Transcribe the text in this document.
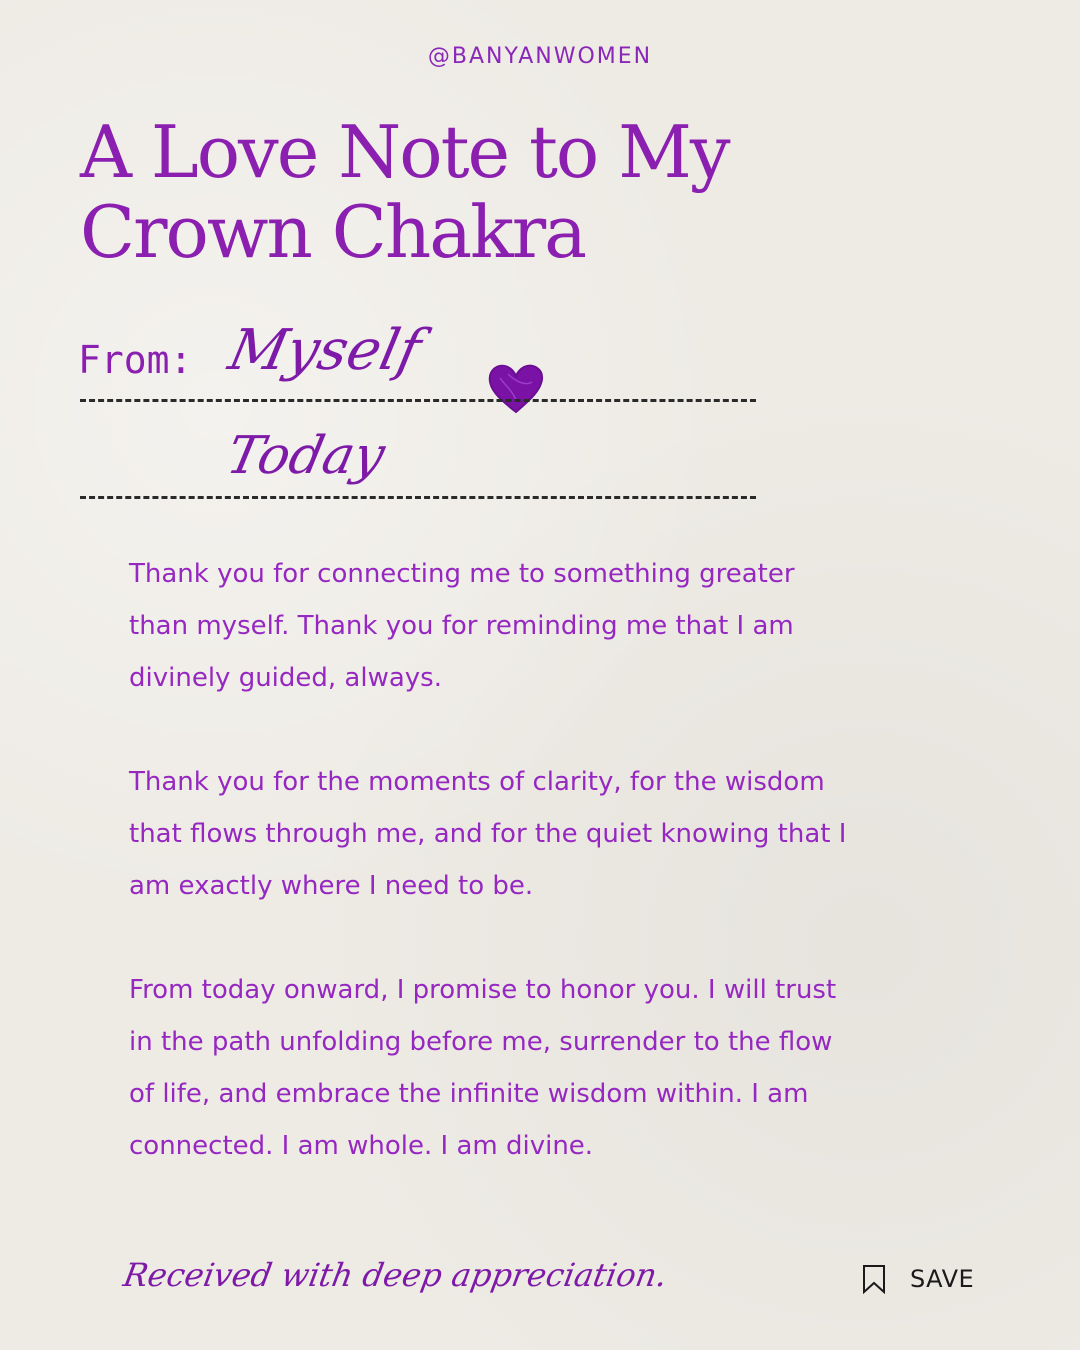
@BANYANWOMEN
A Love Note to My Crown Chakra
From: Myself
Today

Thank you for connecting me to something greater than myself. Thank you for reminding me that I am divinely guided, always.

Thank you for the moments of clarity, for the wisdom that flows through me, and for the quiet knowing that I am exactly where I need to be.

From today onward, I promise to honor you. I will trust in the path unfolding before me, surrender to the flow of life, and embrace the infinite wisdom within. I am connected. I am whole. I am divine.

Received with deep appreciation.	SAVE
